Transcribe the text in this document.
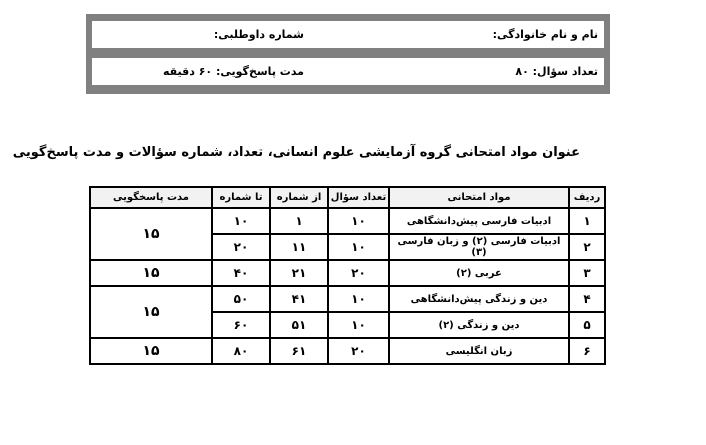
نام و نام خانوادگی:
شماره داوطلبی:
تعداد سؤال: ۸۰
مدت پاسخ‌گویی: ۶۰ دقیقه
عنوان مواد امتحانی گروه آزمایشی علوم انسانی، تعداد، شماره سؤالات و مدت پاسخ‌گویی
ردیف	مواد امتحانی	تعداد سؤال	از شماره	تا شماره	مدت پاسخگویی
۱	ادبیات فارسی پیش‌دانشگاهی	۱۰	۱	۱۰	۱۵
۲	ادبیات فارسی (۲) و زبان فارسی (۳)	۱۰	۱۱	۲۰	
۳	عربی (۲)	۲۰	۲۱	۴۰	۱۵
۴	دین و زندگی پیش‌دانشگاهی	۱۰	۴۱	۵۰	۱۵
۵	دین و زندگی (۲)	۱۰	۵۱	۶۰	
۶	زبان انگلیسی	۲۰	۶۱	۸۰	۱۵
